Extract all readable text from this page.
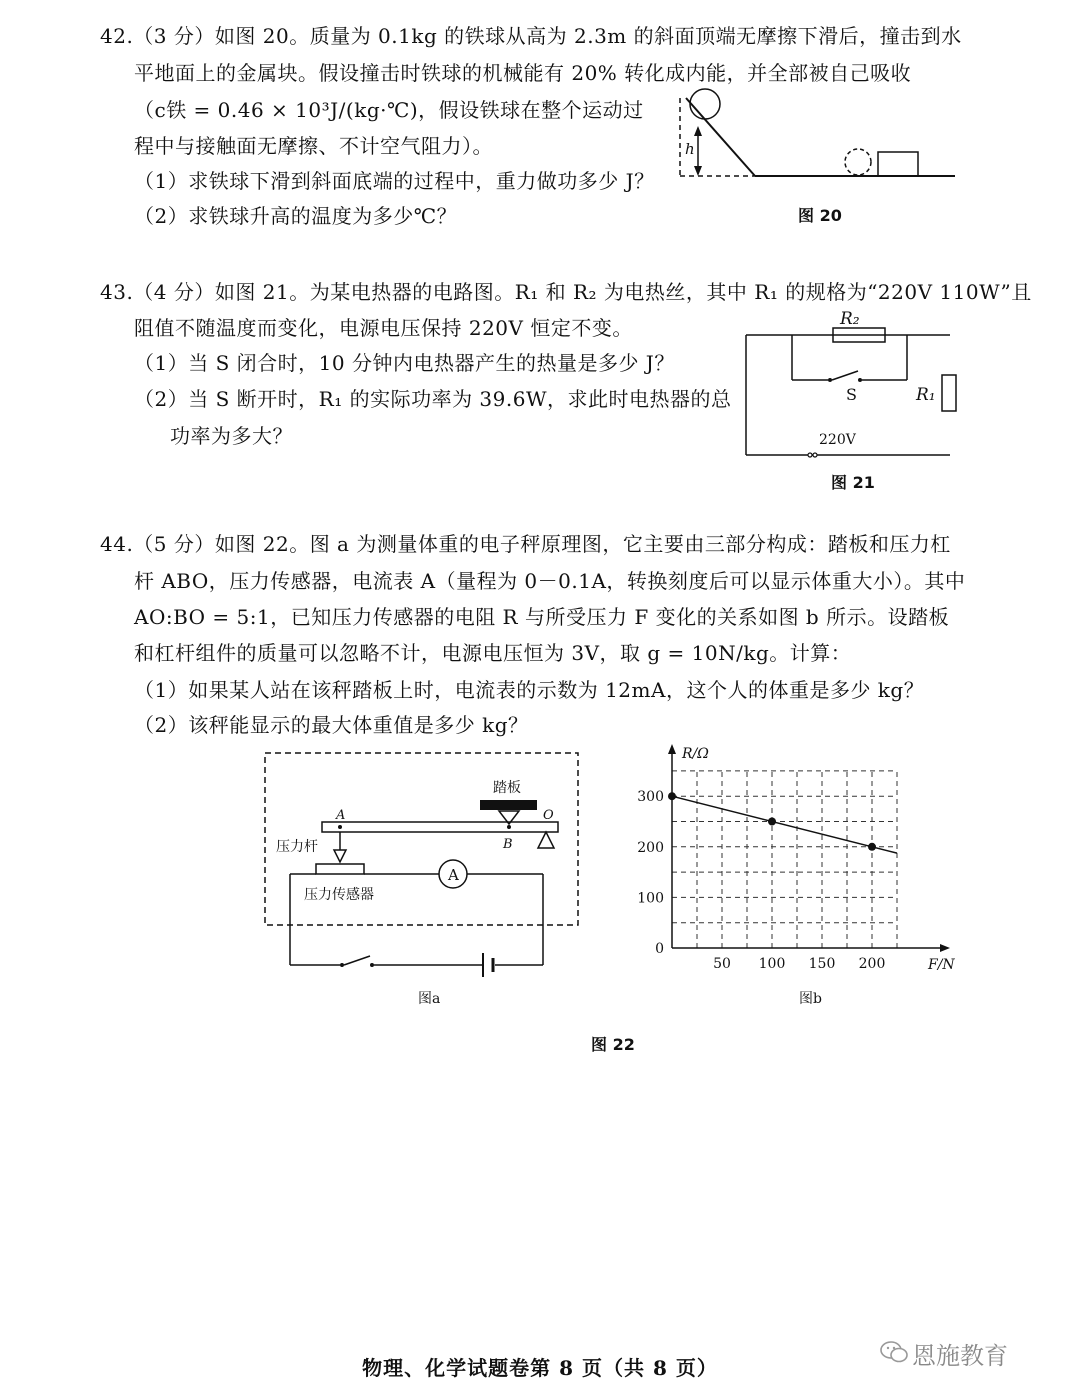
42.（3 分）如图 20。质量为 0.1kg 的铁球从高为 2.3m 的斜面顶端无摩擦下滑后，撞击到水
平地面上的金属块。假设撞击时铁球的机械能有 20% 转化成内能，并全部被自己吸收
（c铁 = 0.46 × 10³J/(kg·℃)，假设铁球在整个运动过
程中与接触面无摩擦、不计空气阻力）。
（1）求铁球下滑到斜面底端的过程中，重力做功多少 J？
（2）求铁球升高的温度为多少℃？
h
图 20
43.（4 分）如图 21。为某电热器的电路图。R₁ 和 R₂ 为电热丝，其中 R₁ 的规格为“220V 110W”且
阻值不随温度而变化，电源电压保持 220V 恒定不变。
（1）当 S 闭合时，10 分钟内电热器产生的热量是多少 J？
（2）当 S 断开时，R₁ 的实际功率为 39.6W，求此时电热器的总
功率为多大？
R₂
R₁
S
220V
图 21
44.（5 分）如图 22。图 a 为测量体重的电子秤原理图，它主要由三部分构成：踏板和压力杠
杆 ABO，压力传感器，电流表 A（量程为 0－0.1A，转换刻度后可以显示体重大小）。其中
AO:BO = 5:1，已知压力传感器的电阻 R 与所受压力 F 变化的关系如图 b 所示。设踏板
和杠杆组件的质量可以忽略不计，电源电压恒为 3V，取 g = 10N/kg。计算：
（1）如果某人站在该秤踏板上时，电流表的示数为 12mA，这个人的体重是多少 kg？
（2）该秤能显示的最大体重值是多少 kg？
踏板
A
B
O
压力杆
压力传感器
A
图a
50 100 150 200
0
100
200
300
R/Ω
F/N
图b
图 22
物理、化学试题卷第 8 页（共 8 页）	恩施教育
